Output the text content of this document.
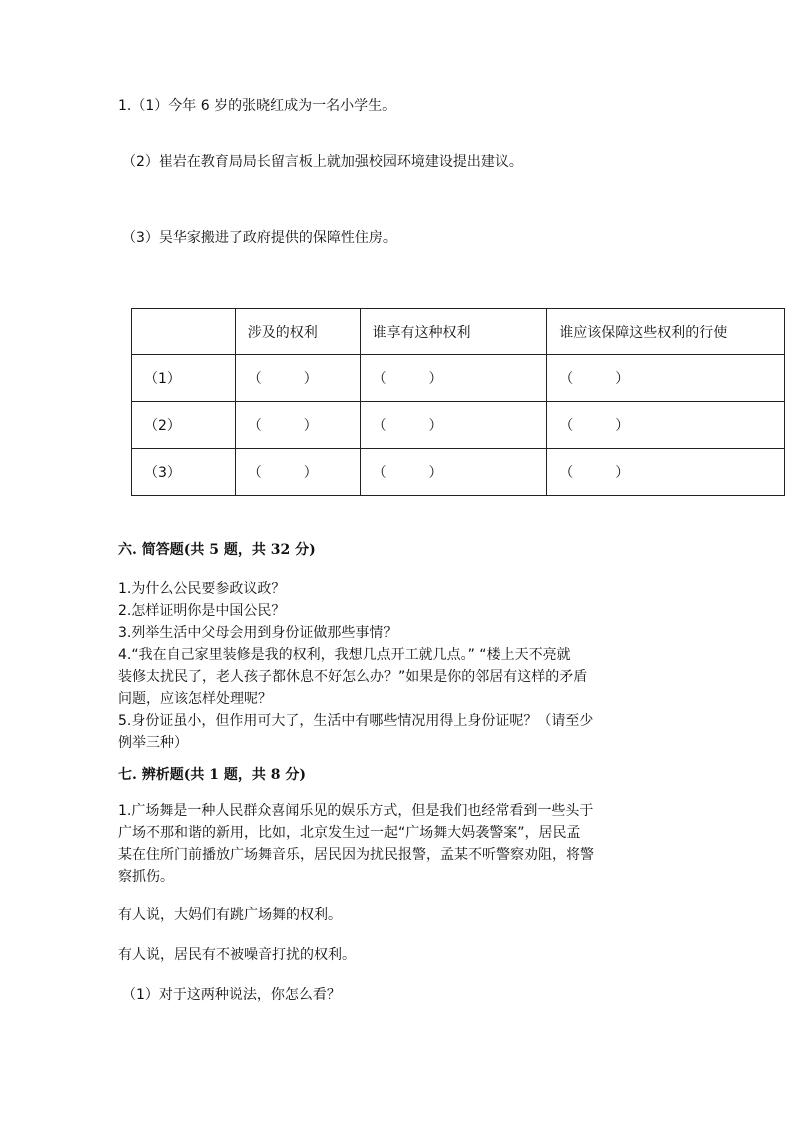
1.（1）今年 6 岁的张晓红成为一名小学生。
（2）崔岩在教育局局长留言板上就加强校园环境建设提出建议。
（3）吴华家搬进了政府提供的保障性住房。
	涉及的权利	谁享有这种权利	谁应该保障这些权利的行使
（1）	（　　　）	（　　　）	（　　　）
（2）	（　　　）	（　　　）	（　　　）
（3）	（　　　）	（　　　）	（　　　）
六. 简答题(共 5 题，共 32 分)
1.为什么公民要参政议政？
2.怎样证明你是中国公民？
3.列举生活中父母会用到身份证做那些事情？
4.“我在自己家里装修是我的权利，我想几点开工就几点。” “楼上天不亮就
装修太扰民了，老人孩子都休息不好怎么办？”如果是你的邻居有这样的矛盾
问题，应该怎样处理呢？
5.身份证虽小，但作用可大了，生活中有哪些情况用得上身份证呢？（请至少
例举三种）
七. 辨析题(共 1 题，共 8 分)
1.广场舞是一种人民群众喜闻乐见的娱乐方式，但是我们也经常看到一些头于
广场不那和谐的新用，比如，北京发生过一起“广场舞大妈袭警案”，居民孟
某在住所门前播放广场舞音乐，居民因为扰民报警，孟某不听警察劝阻，将警
察抓伤。
有人说，大妈们有跳广场舞的权利。
有人说，居民有不被噪音打扰的权利。
（1）对于这两种说法，你怎么看？
